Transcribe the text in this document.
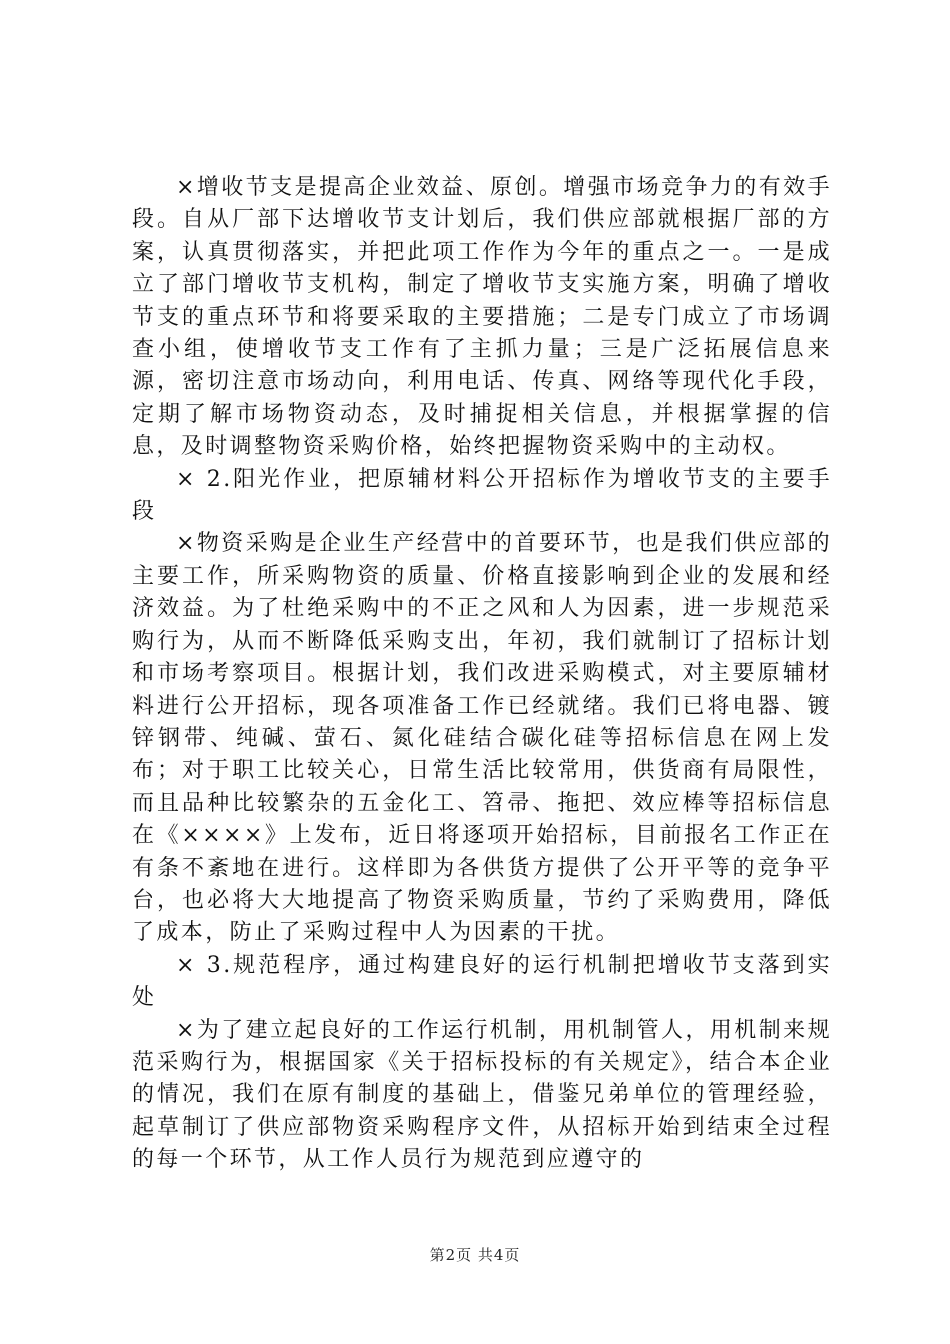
×增收节支是提高企业效益、原创。增强市场竞争力的有效手段。自从厂部下达增收节支计划后，我们供应部就根据厂部的方案，认真贯彻落实，并把此项工作作为今年的重点之一。一是成立了部门增收节支机构，制定了增收节支实施方案，明确了增收节支的重点环节和将要采取的主要措施；二是专门成立了市场调查小组，使增收节支工作有了主抓力量；三是广泛拓展信息来源，密切注意市场动向，利用电话、传真、网络等现代化手段，定期了解市场物资动态，及时捕捉相关信息，并根据掌握的信息，及时调整物资采购价格，始终把握物资采购中的主动权。

× 2.阳光作业，把原辅材料公开招标作为增收节支的主要手段

×物资采购是企业生产经营中的首要环节，也是我们供应部的主要工作，所采购物资的质量、价格直接影响到企业的发展和经济效益。为了杜绝采购中的不正之风和人为因素，进一步规范采购行为，从而不断降低采购支出，年初，我们就制订了招标计划和市场考察项目。根据计划，我们改进采购模式，对主要原辅材料进行公开招标，现各项准备工作已经就绪。我们已将电器、镀锌钢带、纯碱、萤石、氮化硅结合碳化硅等招标信息在网上发布；对于职工比较关心，日常生活比较常用，供货商有局限性，而且品种比较繁杂的五金化工、笤帚、拖把、效应棒等招标信息在《××××》上发布，近日将逐项开始招标，目前报名工作正在有条不紊地在进行。这样即为各供货方提供了公开平等的竞争平台，也必将大大地提高了物资采购质量，节约了采购费用，降低了成本，防止了采购过程中人为因素的干扰。

× 3.规范程序，通过构建良好的运行机制把增收节支落到实处

×为了建立起良好的工作运行机制，用机制管人，用机制来规范采购行为，根据国家《关于招标投标的有关规定》，结合本企业的情况，我们在原有制度的基础上，借鉴兄弟单位的管理经验，起草制订了供应部物资采购程序文件，从招标开始到结束全过程的每一个环节，从工作人员行为规范到应遵守的

第2页 共4页
